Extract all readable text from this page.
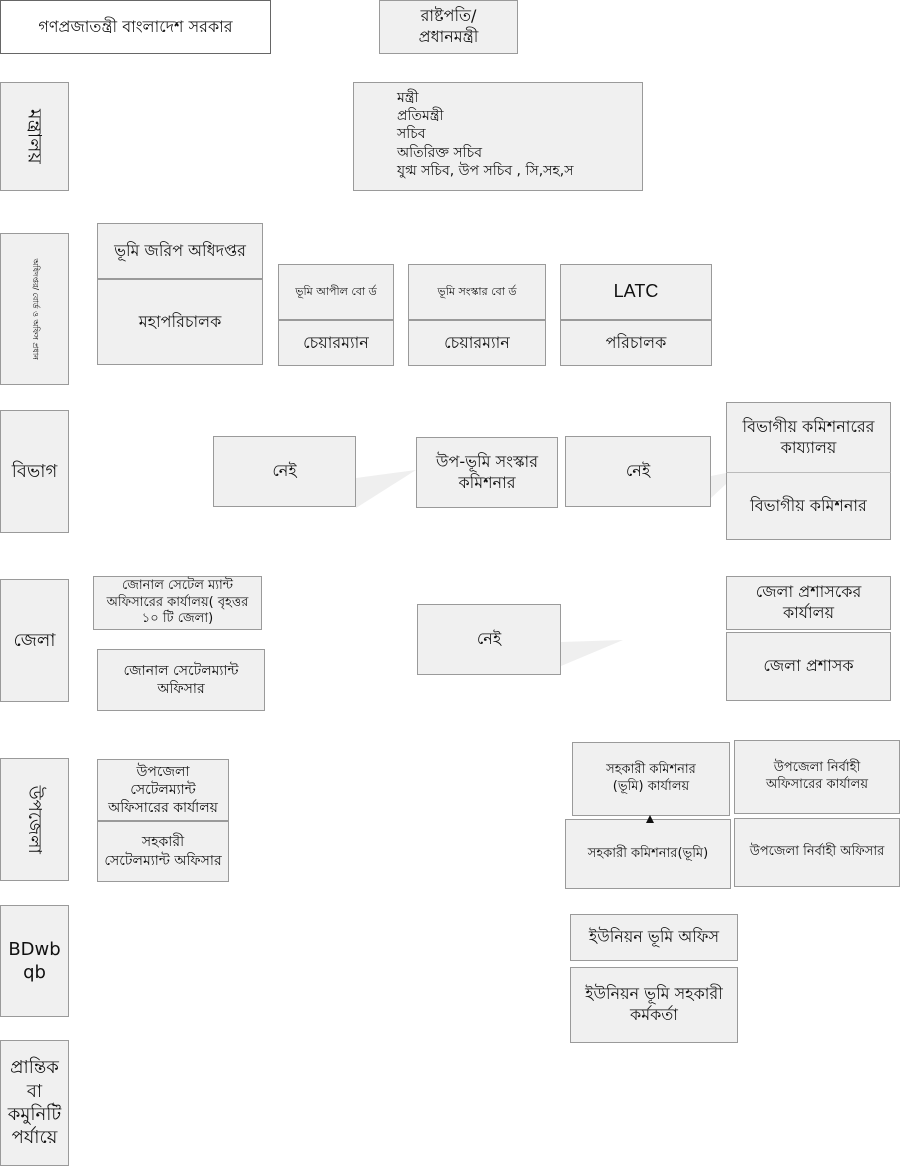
গণপ্রজাতন্ত্রী বাংলাদেশ সরকার
রাষ্টপতি/
প্রধানমন্ত্রী
মন্ত্রালয়
অধিদপ্তর/ বোর্ড ও অফিস প্রধান
বিভাগ
জেলা
উপজেলা
BDwb
qb
প্রান্তিক
বা
কমুনিটি
পর্যায়ে
মন্ত্রী
প্রতিমন্ত্রী
সচিব
অতিরিক্ত সচিব
যুগ্ম সচিব, উপ সচিব , সি,সহ,স
ভূমি জরিপ অধিদপ্তর
মহাপরিচালক
ভূমি আপীল বো র্ড
চেয়ারম্যান
ভূমি সংস্কার বো র্ড
চেয়ারম্যান
LATC
পরিচালক
নেই	উপ-ভূমি সংস্কার
কমিশনার
নেই
বিভাগীয় কমিশনারের
কায্যালয়
বিভাগীয় কমিশনার
জোনাল সেটেল ম্যান্ট
অফিসারের কার্যালয়( বৃহত্তর
১০ টি জেলা)
জোনাল সেটেলম্যান্ট
অফিসার
নেই
জেলা প্রশাসকের
কার্যালয়
জেলা প্রশাসক
উপজেলা
সেটেলম্যান্ট
অফিসারের কার্যালয়
সহকারী
সেটেলম্যান্ট অফিসার
সহকারী কমিশনার
(ভূমি) কার্যালয়
সহকারী কমিশনার(ভূমি)
উপজেলা নির্বাহী
অফিসারের কার্যালয়
উপজেলা নির্বাহী অফিসার
ইউনিয়ন ভূমি অফিস
ইউনিয়ন ভূমি সহকারী
কর্মকর্তা
